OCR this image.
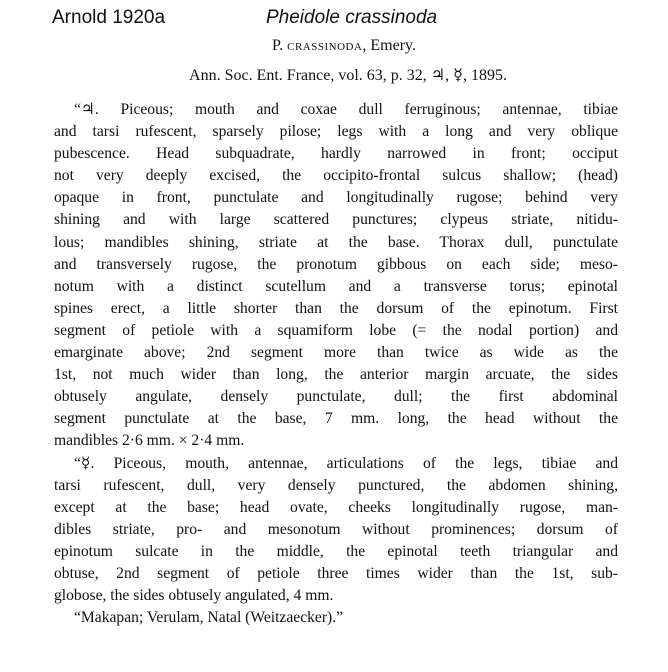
Arnold 1920a	Pheidole crassinoda
P. crassinoda, Emery.
Ann. Soc. Ent. France, vol. 63, p. 32, ♃, ☿, 1895.
“♃. Piceous; mouth and coxae dull ferruginous; antennae, tibiae
and tarsi rufescent, sparsely pilose; legs with a long and very oblique
pubescence. Head subquadrate, hardly narrowed in front; occiput
not very deeply excised, the occipito-frontal sulcus shallow; (head)
opaque in front, punctulate and longitudinally rugose; behind very
shining and with large scattered punctures; clypeus striate, nitidu-
lous; mandibles shining, striate at the base. Thorax dull, punctulate
and transversely rugose, the pronotum gibbous on each side; meso-
notum with a distinct scutellum and a transverse torus; epinotal
spines erect, a little shorter than the dorsum of the epinotum. First
segment of petiole with a squamiform lobe (= the nodal portion) and
emarginate above; 2nd segment more than twice as wide as the
1st, not much wider than long, the anterior margin arcuate, the sides
obtusely angulate, densely punctulate, dull; the first abdominal
segment punctulate at the base, 7 mm. long, the head without the
mandibles 2·6 mm. × 2·4 mm.
“☿. Piceous, mouth, antennae, articulations of the legs, tibiae and
tarsi rufescent, dull, very densely punctured, the abdomen shining,
except at the base; head ovate, cheeks longitudinally rugose, man-
dibles striate, pro- and mesonotum without prominences; dorsum of
epinotum sulcate in the middle, the epinotal teeth triangular and
obtuse, 2nd segment of petiole three times wider than the 1st, sub-
globose, the sides obtusely angulated, 4 mm.
“Makapan; Verulam, Natal (Weitzaecker).”
